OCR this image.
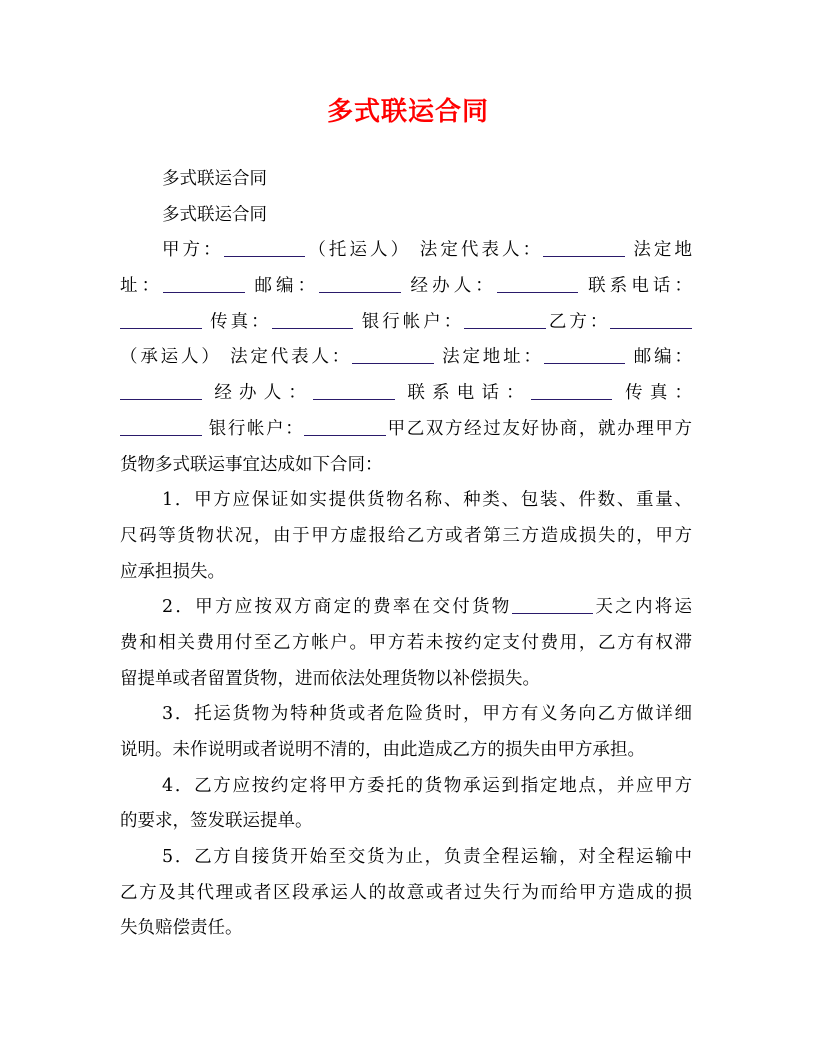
多式联运合同
多式联运合同
多式联运合同
甲方：	（托运人） 法定代表人：	法定地
址：	邮编：	经办人：	联系电话：
传真：	银行帐户：	乙方：
（承运人） 法定代表人：	法定地址：	邮编：
经办人：	联系电话：	传真：
银行帐户：	甲乙双方经过友好协商，就办理甲方
货物多式联运事宜达成如下合同：
1．甲方应保证如实提供货物名称、种类、包装、件数、重量、
尺码等货物状况，由于甲方虚报给乙方或者第三方造成损失的，甲方
应承担损失。
2．甲方应按双方商定的费率在交付货物	天之内将运
费和相关费用付至乙方帐户。甲方若未按约定支付费用，乙方有权滞
留提单或者留置货物，进而依法处理货物以补偿损失。
3．托运货物为特种货或者危险货时，甲方有义务向乙方做详细
说明。未作说明或者说明不清的，由此造成乙方的损失由甲方承担。
4．乙方应按约定将甲方委托的货物承运到指定地点，并应甲方
的要求，签发联运提单。
5．乙方自接货开始至交货为止，负责全程运输，对全程运输中
乙方及其代理或者区段承运人的故意或者过失行为而给甲方造成的损
失负赔偿责任。
